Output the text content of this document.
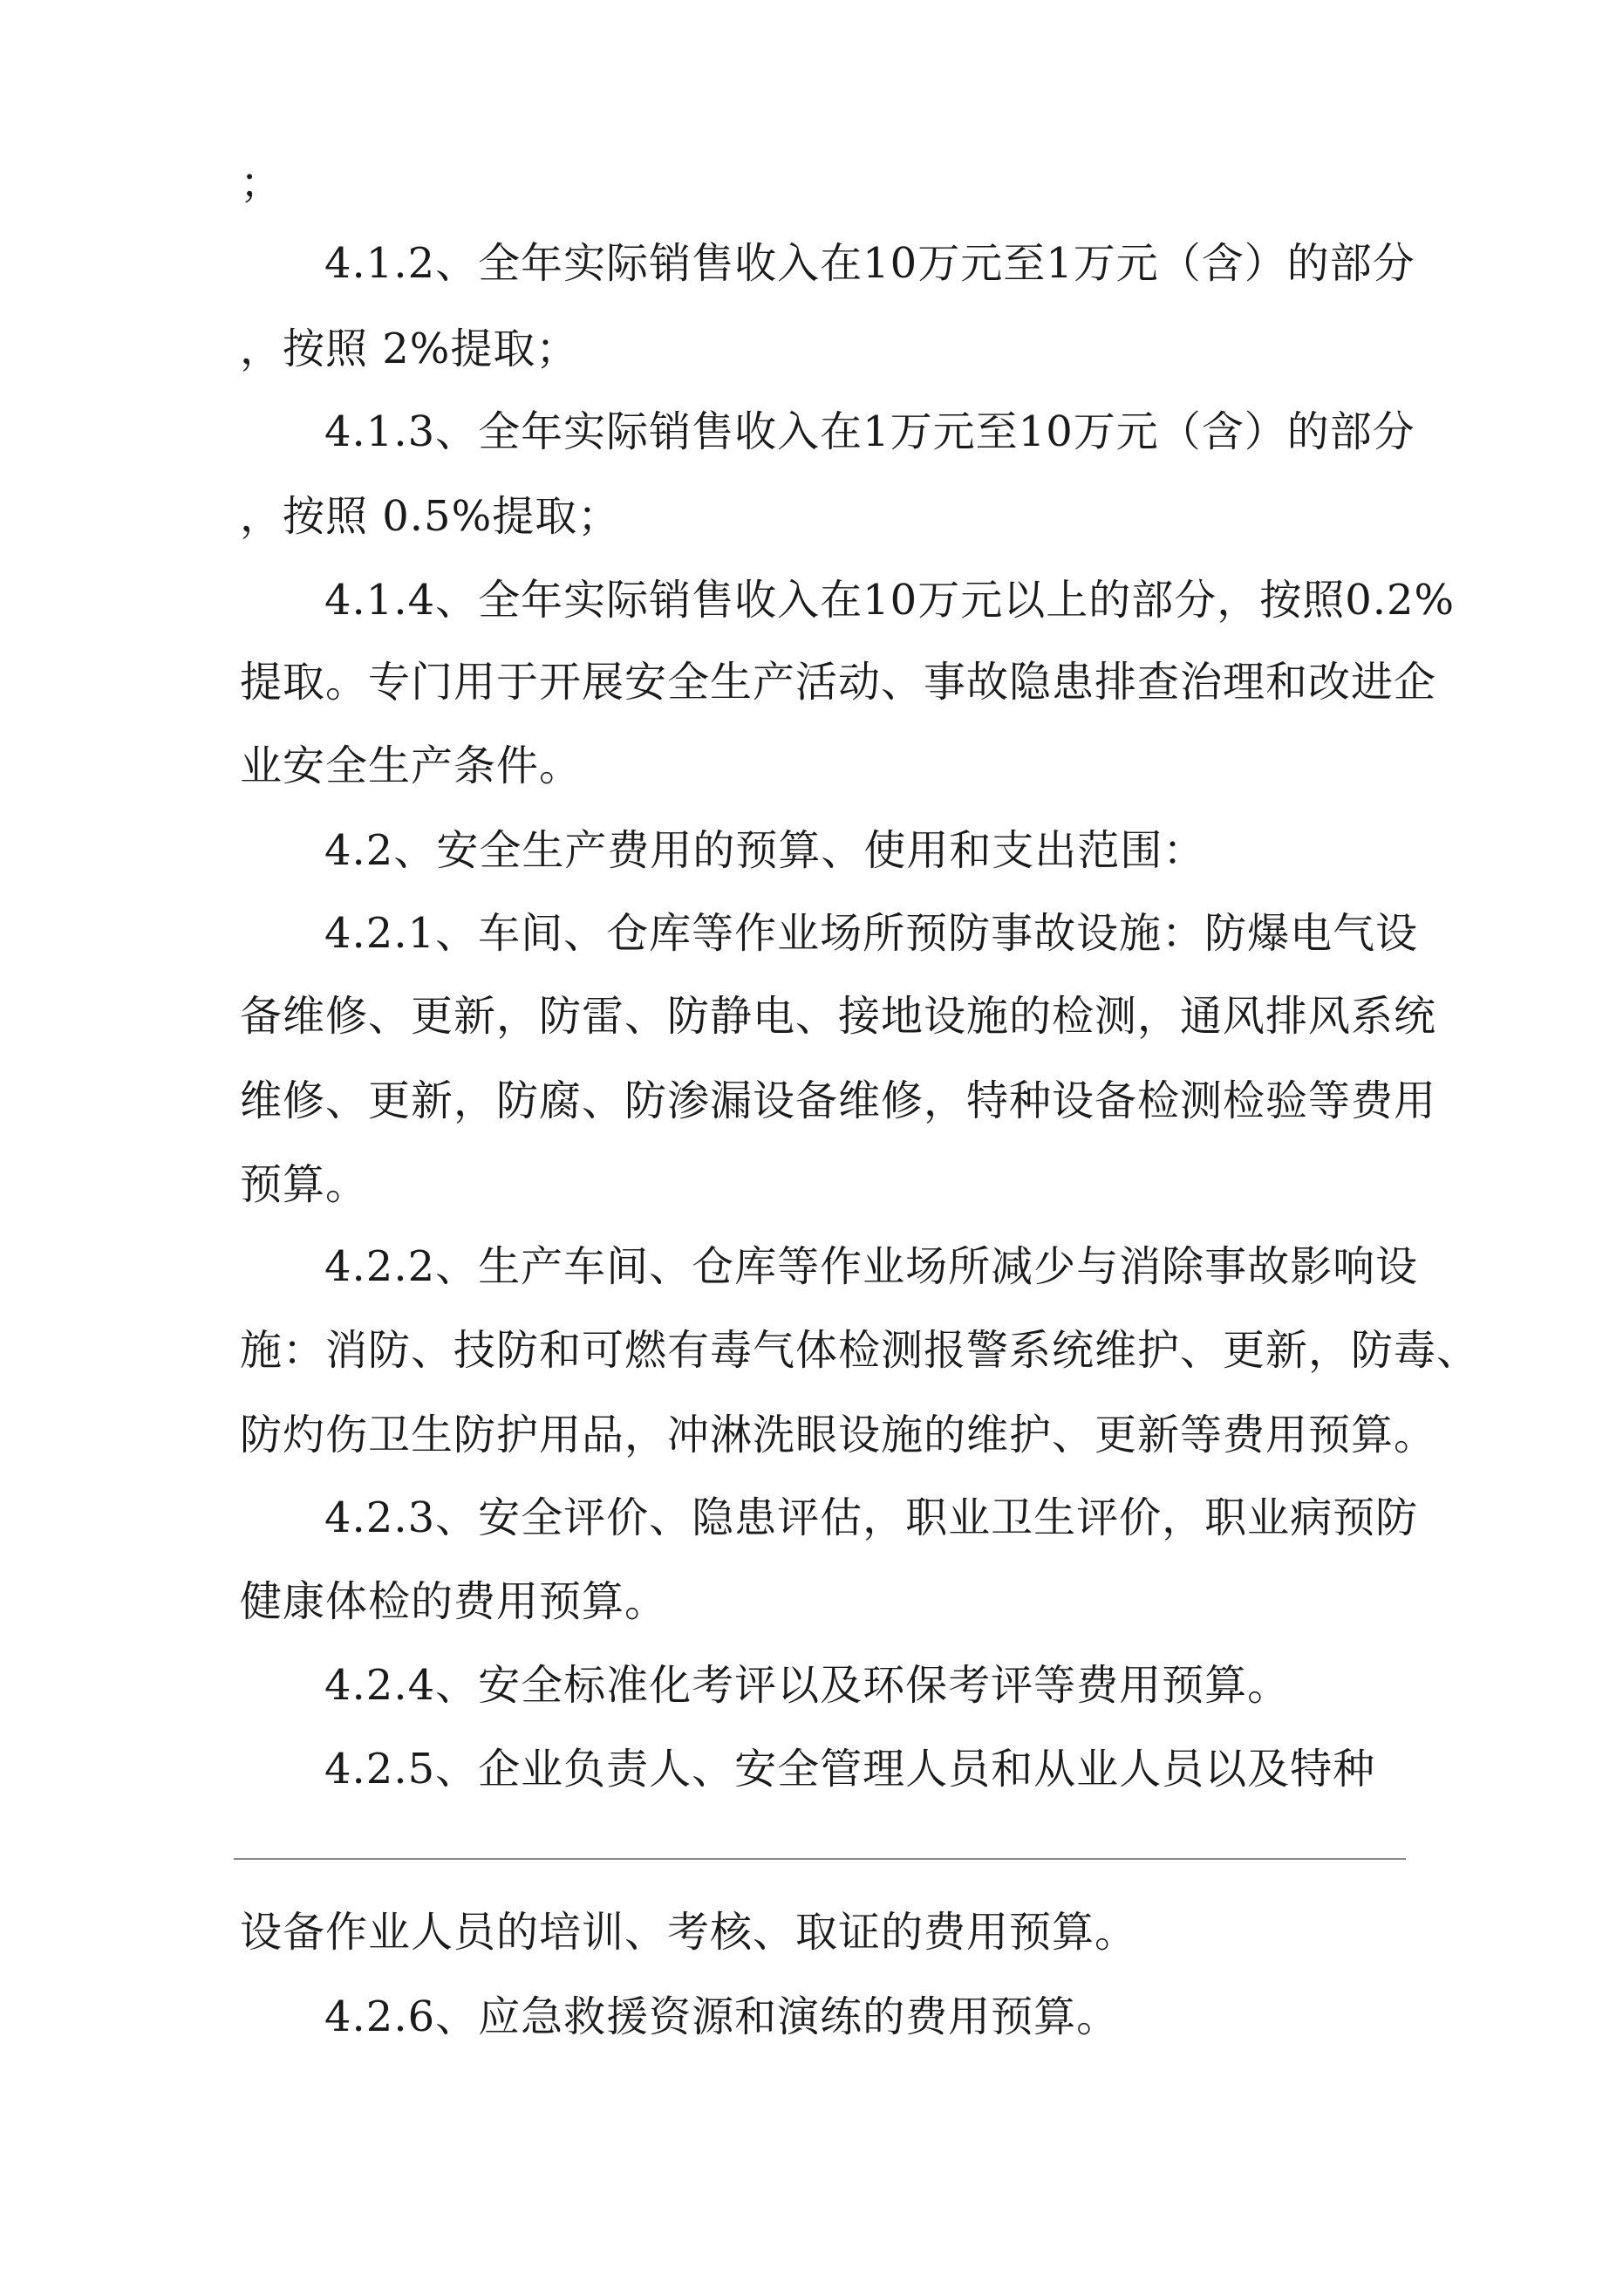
；
4.1.2、全年实际销售收入在10万元至1万元（含）的部分
，按照 2%提取；
4.1.3、全年实际销售收入在1万元至10万元（含）的部分
，按照 0.5%提取；
4.1.4、全年实际销售收入在10万元以上的部分，按照0.2%
提取。专门用于开展安全生产活动、事故隐患排查治理和改进企
业安全生产条件。
4.2、安全生产费用的预算、使用和支出范围：
4.2.1、车间、仓库等作业场所预防事故设施：防爆电气设
备维修、更新，防雷、防静电、接地设施的检测，通风排风系统
维修、更新，防腐、防渗漏设备维修，特种设备检测检验等费用
预算。
4.2.2、生产车间、仓库等作业场所减少与消除事故影响设
施：消防、技防和可燃有毒气体检测报警系统维护、更新，防毒、
防灼伤卫生防护用品，冲淋洗眼设施的维护、更新等费用预算。
4.2.3、安全评价、隐患评估，职业卫生评价，职业病预防
健康体检的费用预算。
4.2.4、安全标准化考评以及环保考评等费用预算。
4.2.5、企业负责人、安全管理人员和从业人员以及特种
设备作业人员的培训、考核、取证的费用预算。
4.2.6、应急救援资源和演练的费用预算。
